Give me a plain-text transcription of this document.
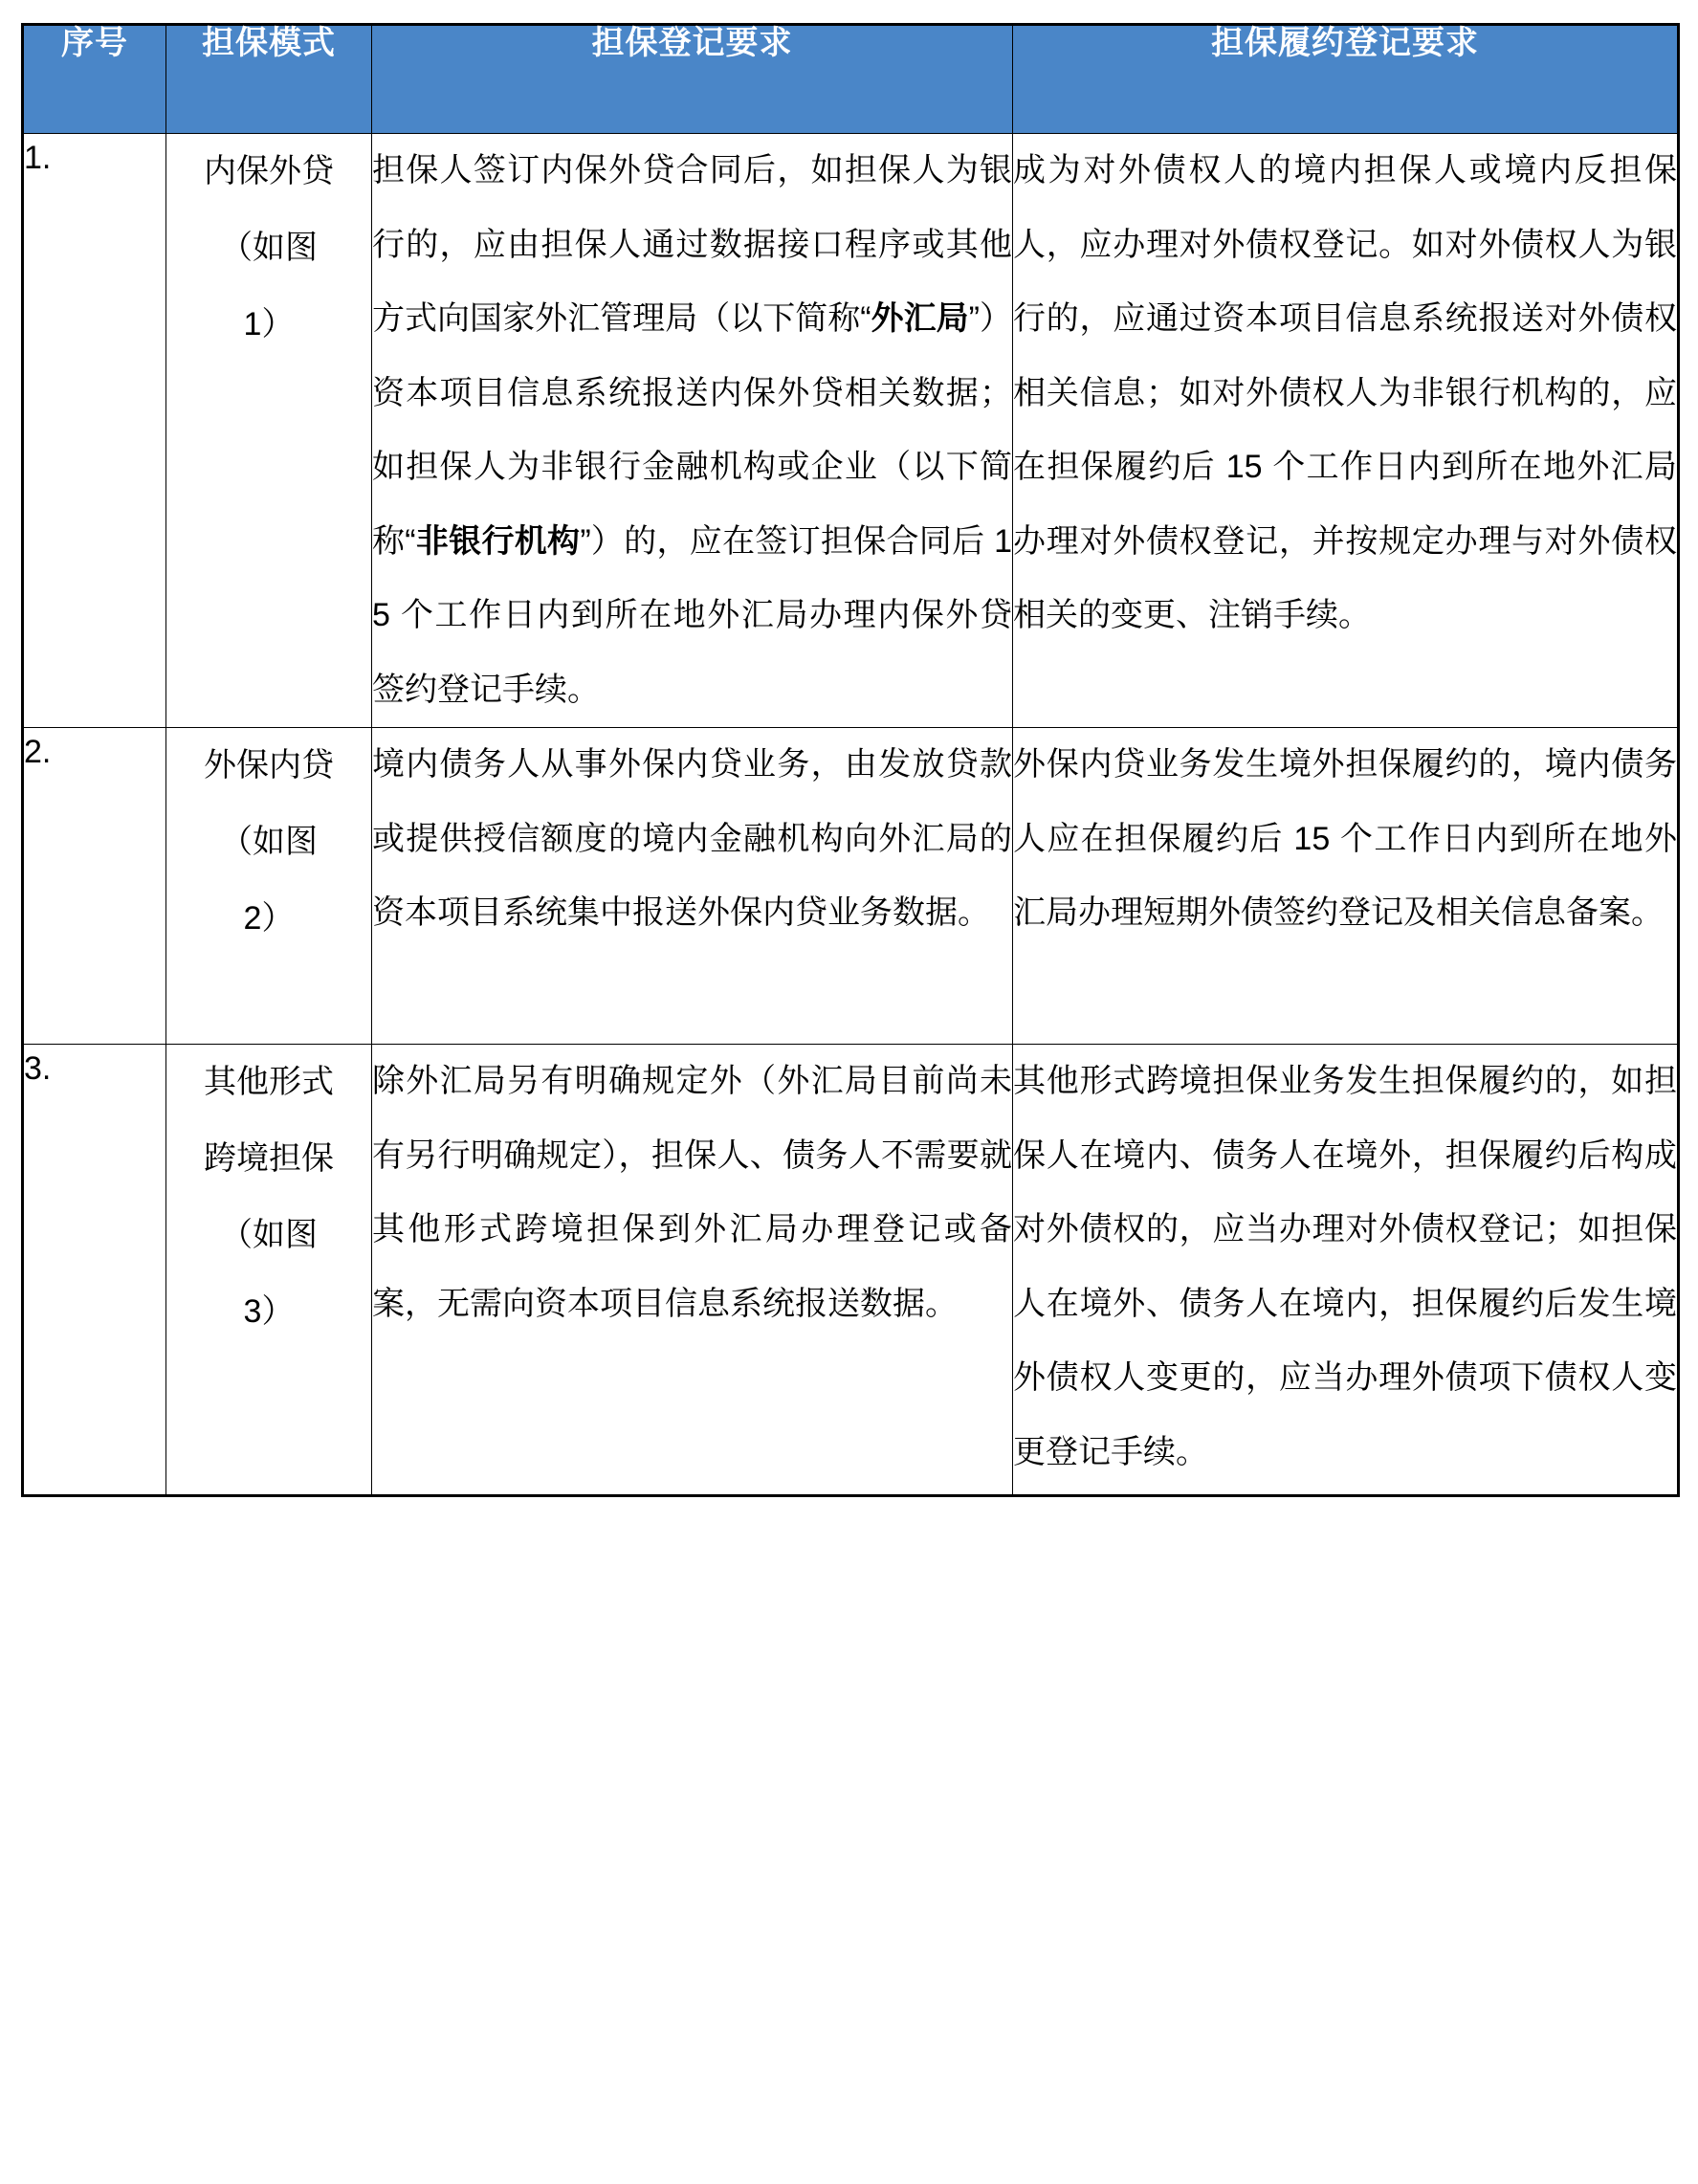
序号	担保模式	担保登记要求	担保履约登记要求

1.	内保外贷
（如图
1）	担保人签订内保外贷合同后，如担保人为银行的，应由担保人通过数据接口程序或其他方式向国家外汇管理局（以下简称“外汇局”）资本项目信息系统报送内保外贷相关数据；如担保人为非银行金融机构或企业（以下简称“非银行机构”）的，应在签订担保合同后 15 个工作日内到所在地外汇局办理内保外贷签约登记手续。	成为对外债权人的境内担保人或境内反担保人，应办理对外债权登记。如对外债权人为银行的，应通过资本项目信息系统报送对外债权相关信息；如对外债权人为非银行机构的，应在担保履约后 15 个工作日内到所在地外汇局办理对外债权登记，并按规定办理与对外债权相关的变更、注销手续。

2.	外保内贷
（如图
2）	境内债务人从事外保内贷业务，由发放贷款或提供授信额度的境内金融机构向外汇局的资本项目系统集中报送外保内贷业务数据。	外保内贷业务发生境外担保履约的，境内债务人应在担保履约后 15 个工作日内到所在地外汇局办理短期外债签约登记及相关信息备案。

3.	其他形式
跨境担保
（如图
3）	除外汇局另有明确规定外（外汇局目前尚未有另行明确规定），担保人、债务人不需要就其他形式跨境担保到外汇局办理登记或备案，无需向资本项目信息系统报送数据。	其他形式跨境担保业务发生担保履约的，如担保人在境内、债务人在境外，担保履约后构成对外债权的，应当办理对外债权登记；如担保人在境外、债务人在境内，担保履约后发生境外债权人变更的，应当办理外债项下债权人变更登记手续。
